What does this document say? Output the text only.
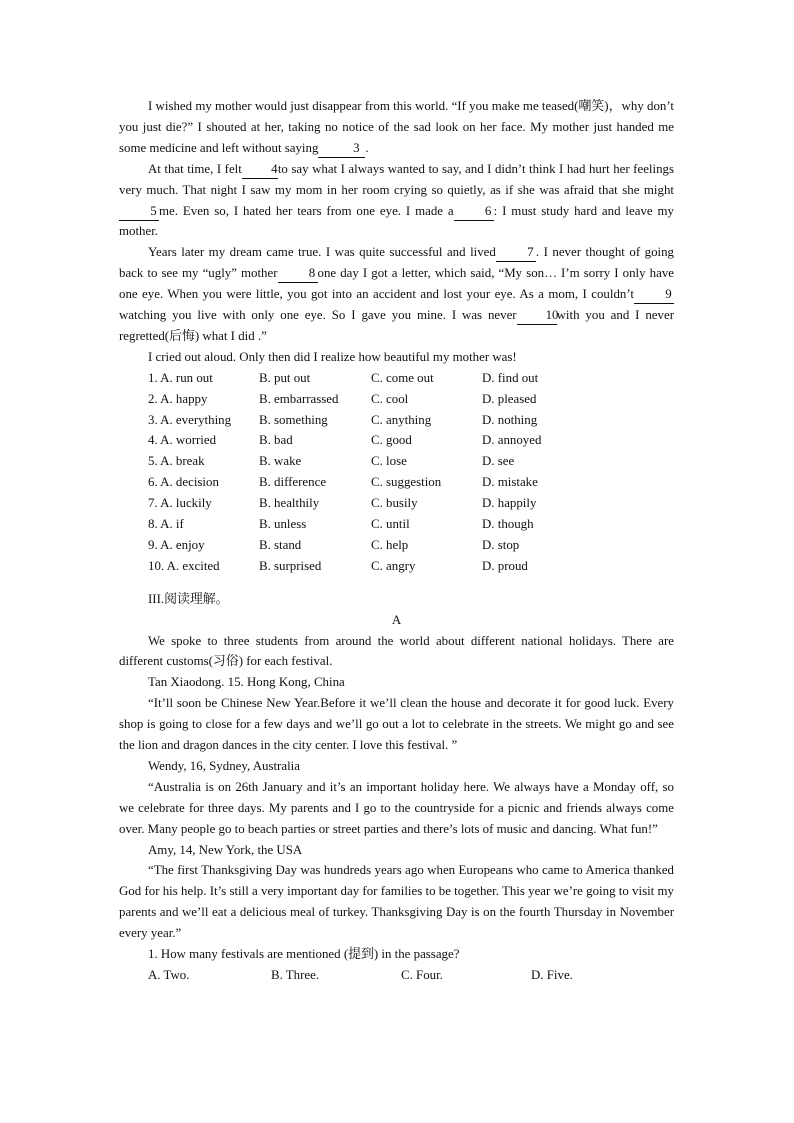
I wished my mother would just disappear from this world. “If you make me teased(嘲笑)，why don’t you just die?” I shouted at her, taking no notice of the sad look on her face. My mother just handed me some medicine and left without saying	3 .

At that time, I felt 4to say what I always wanted to say, and I didn’t think I had hurt her feelings very much. That night I saw my mom in her room crying so quietly, as if she was afraid that she might5 me. Even so, I hated her tears from one eye. I made a 6 : I must study hard and leave my mother.

Years later my dream came true. I was quite successful and lived 7 . I never thought of going back to see my “ugly” mother 8 one day I got a letter, which said, “My son… I’m sorry I only have one eye. When you were little, you got into an accident and lost your eye. As a mom, I couldn’t 9watching you live with only one eye. So I gave you mine. I was never 10with you and I never regretted(后悔) what I did .”

I cried out aloud. Only then did I realize how beautiful my mother was!

1. A. run out	B. put out	C. come out	D. find out
2. A. happy	B. embarrassed	C. cool	D. pleased
3. A. everything	B. something	C. anything	D. nothing
4. A. worried	B. bad	C. good	D. annoyed
5. A. break	B. wake	C. lose	D. see
6. A. decision	B. difference	C. suggestion	D. mistake
7. A. luckily	B. healthily	C. busily	D. happily
8. A. if	B. unless	C. until	D. though
9. A. enjoy	B. stand	C. help	D. stop
10. A. excited	B. surprised	C. angry	D. proud

III.阅读理解。

A

We spoke to three students from around the world about different national holidays. There are different customs(习俗) for each festival.

Tan Xiaodong. 15. Hong Kong, China

“It’ll soon be Chinese New Year.Before it we’ll clean the house and decorate it for good luck. Every shop is going to close for a few days and we’ll go out a lot to celebrate in the streets. We might go and see the lion and dragon dances in the city center. I love this festival. ”

Wendy, 16, Sydney, Australia

“Australia is on 26th January and it’s an important holiday here. We always have a Monday off, so we celebrate for three days. My parents and I go to the countryside for a picnic and friends always come over. Many people go to beach parties or street parties and there’s lots of music and dancing. What fun!”

Amy, 14, New York, the USA

“The first Thanksgiving Day was hundreds years ago when Europeans who came to America thanked God for his help. It’s still a very important day for families to be together. This year we’re going to visit my parents and we’ll eat a delicious meal of turkey. Thanksgiving Day is on the fourth Thursday in November every year.”

1. How many festivals are mentioned (提到) in the passage?

A. Two.	B. Three.	C. Four.	D. Five.
